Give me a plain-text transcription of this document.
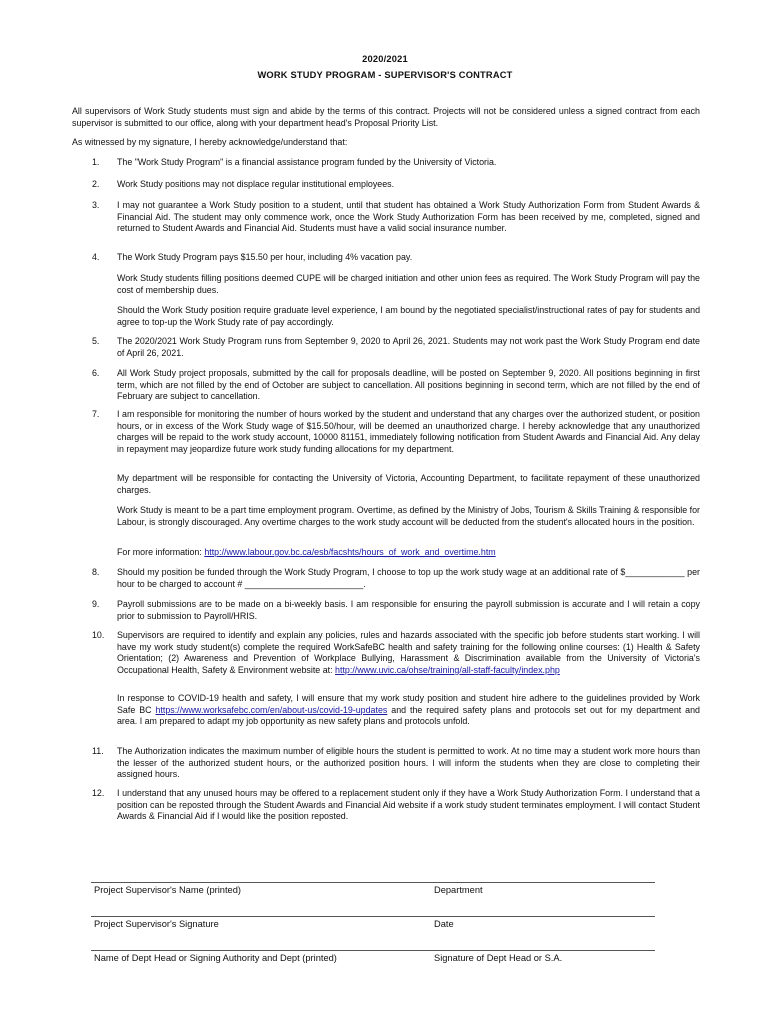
2020/2021
WORK STUDY PROGRAM - SUPERVISOR'S CONTRACT

All supervisors of Work Study students must sign and abide by the terms of this contract. Projects will not be considered unless a signed contract from each supervisor is submitted to our office, along with your department head's Proposal Priority List.

As witnessed by my signature, I hereby acknowledge/understand that:

1.	The "Work Study Program" is a financial assistance program funded by the University of Victoria.
2.	Work Study positions may not displace regular institutional employees.
3.	I may not guarantee a Work Study position to a student, until that student has obtained a Work Study Authorization Form from Student Awards & Financial Aid. The student may only commence work, once the Work Study Authorization Form has been received by me, completed, signed and returned to Student Awards and Financial Aid. Students must have a valid social insurance number.
4.	The Work Study Program pays $15.50 per hour, including 4% vacation pay.

Work Study students filling positions deemed CUPE will be charged initiation and other union fees as required. The Work Study Program will pay the cost of membership dues.

Should the Work Study position require graduate level experience, I am bound by the negotiated specialist/instructional rates of pay for students and agree to top-up the Work Study rate of pay accordingly.

5.	The 2020/2021 Work Study Program runs from September 9, 2020 to April 26, 2021. Students may not work past the Work Study Program end date of April 26, 2021.
6.	All Work Study project proposals, submitted by the call for proposals deadline, will be posted on September 9, 2020. All positions beginning in first term, which are not filled by the end of October are subject to cancellation. All positions beginning in second term, which are not filled by the end of February are subject to cancellation.
7.	I am responsible for monitoring the number of hours worked by the student and understand that any charges over the authorized student, or position hours, or in excess of the Work Study wage of $15.50/hour, will be deemed an unauthorized charge. I hereby acknowledge that any unauthorized charges will be repaid to the work study account, 10000 81151, immediately following notification from Student Awards and Financial Aid. Any delay in repayment may jeopardize future work study funding allocations for my department.

My department will be responsible for contacting the University of Victoria, Accounting Department, to facilitate repayment of these unauthorized charges.

Work Study is meant to be a part time employment program. Overtime, as defined by the Ministry of Jobs, Tourism & Skills Training & responsible for Labour, is strongly discouraged. Any overtime charges to the work study account will be deducted from the student's allocated hours in the position.

For more information: http://www.labour.gov.bc.ca/esb/facshts/hours_of_work_and_overtime.htm

8.	Should my position be funded through the Work Study Program, I choose to top up the work study wage at an additional rate of $____________ per hour to be charged to account # ________________________.
9.	Payroll submissions are to be made on a bi-weekly basis. I am responsible for ensuring the payroll submission is accurate and I will retain a copy prior to submission to Payroll/HRIS.
10.	Supervisors are required to identify and explain any policies, rules and hazards associated with the specific job before students start working. I will have my work study student(s) complete the required WorkSafeBC health and safety training for the following online courses: (1) Health & Safety Orientation; (2) Awareness and Prevention of Workplace Bullying, Harassment & Discrimination available from the University of Victoria's Occupational Health, Safety & Environment website at: http://www.uvic.ca/ohse/training/all-staff-faculty/index.php

In response to COVID-19 health and safety, I will ensure that my work study position and student hire adhere to the guidelines provided by Work Safe BC https://www.worksafebc.com/en/about-us/covid-19-updates and the required safety plans and protocols set out for my department and area. I am prepared to adapt my job opportunity as new safety plans and protocols unfold.

11.	The Authorization indicates the maximum number of eligible hours the student is permitted to work. At no time may a student work more hours than the lesser of the authorized student hours, or the authorized position hours. I will inform the students when they are close to completing their assigned hours.
12.	I understand that any unused hours may be offered to a replacement student only if they have a Work Study Authorization Form. I understand that a position can be reposted through the Student Awards and Financial Aid website if a work study student terminates employment. I will contact Student Awards & Financial Aid if I would like the position reposted.
Project Supervisor's Name (printed)	Department
Project Supervisor's Signature	Date
Name of Dept Head or Signing Authority and Dept (printed)	Signature of Dept Head or S.A.
